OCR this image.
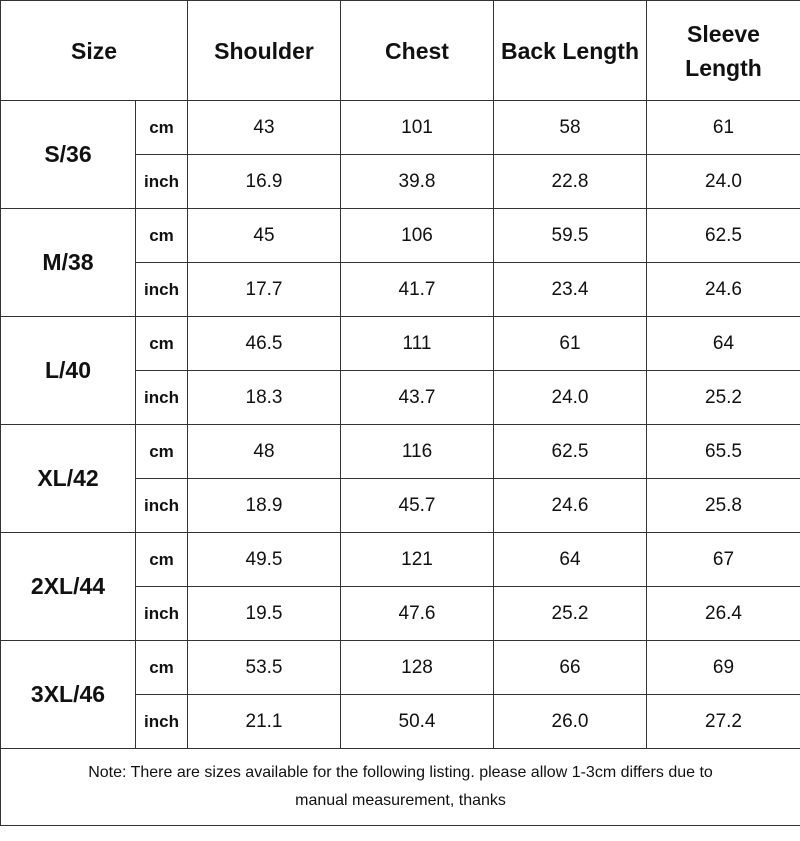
Size		Shoulder	Chest	Back Length	Sleeve
Length
S/36	cm	43	101	58	61
	inch	16.9	39.8	22.8	24.0
M/38	cm	45	106	59.5	62.5
	inch	17.7	41.7	23.4	24.6
L/40	cm	46.5	111	61	64
	inch	18.3	43.7	24.0	25.2
XL/42	cm	48	116	62.5	65.5
	inch	18.9	45.7	24.6	25.8
2XL/44	cm	49.5	121	64	67
	inch	19.5	47.6	25.2	26.4
3XL/46	cm	53.5	128	66	69
	inch	21.1	50.4	26.0	27.2
Note: There are sizes available for the following listing. please allow 1-3cm differs due to
manual measurement, thanks					
